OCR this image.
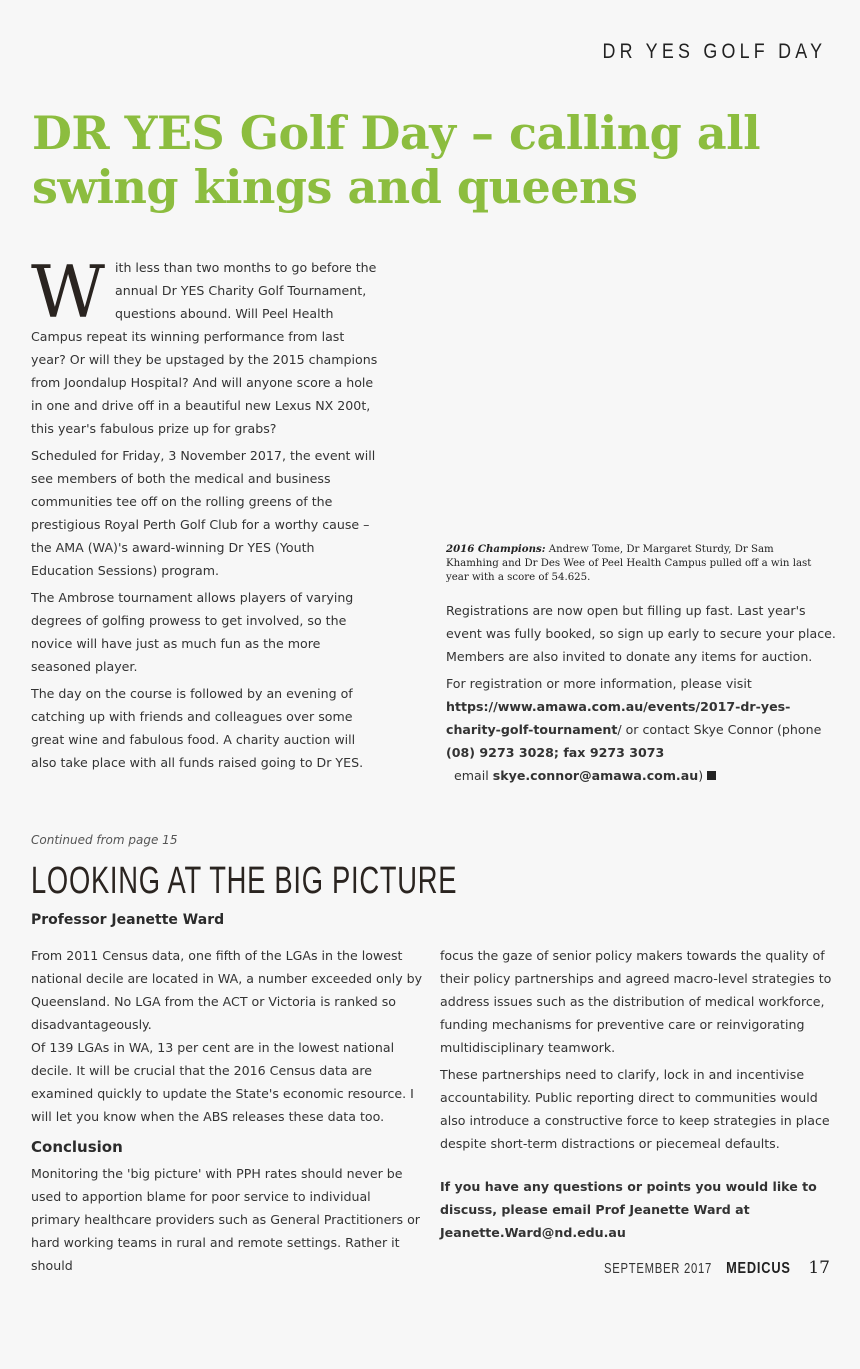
DR YES GOLF DAY
DR YES Golf Day – calling all
swing kings and queens

With less than two months to go before the annual Dr YES Charity Golf Tournament, questions abound. Will Peel Health Campus repeat its winning performance from last year? Or will they be upstaged by the 2015 champions from Joondalup Hospital? And will anyone score a hole in one and drive off in a beautiful new Lexus NX 200t, this year's fabulous prize up for grabs?

Scheduled for Friday, 3 November 2017, the event will see members of both the medical and business communities tee off on the rolling greens of the prestigious Royal Perth Golf Club for a worthy cause – the AMA (WA)'s award-winning Dr YES (Youth Education Sessions) program.

The Ambrose tournament allows players of varying degrees of golfing prowess to get involved, so the novice will have just as much fun as the more seasoned player.

The day on the course is followed by an evening of catching up with friends and colleagues over some great wine and fabulous food. A charity auction will also take place with all funds raised going to Dr YES.

2016 Champions: Andrew Tome, Dr Margaret Sturdy, Dr Sam Khamhing and Dr Des Wee of Peel Health Campus pulled off a win last year with a score of 54.625.

Registrations are now open but filling up fast. Last year's event was fully booked, so sign up early to secure your place. Members are also invited to donate any items for auction.

For registration or more information, please visit https://www.amawa.com.au/events/2017-dr-yes-charity-golf-tournament/ or contact Skye Connor (phone (08) 9273 3028; fax 9273 3073  email skye.connor@amawa.com.au)

Continued from page 15
LOOKING AT THE BIG PICTURE
Professor Jeanette Ward

From 2011 Census data, one fifth of the LGAs in the lowest national decile are located in WA, a number exceeded only by Queensland. No LGA from the ACT or Victoria is ranked so disadvantageously.

Of 139 LGAs in WA, 13 per cent are in the lowest national decile. It will be crucial that the 2016 Census data are examined quickly to update the State's economic resource. I will let you know when the ABS releases these data too.

Conclusion

Monitoring the 'big picture' with PPH rates should never be used to apportion blame for poor service to individual primary healthcare providers such as General Practitioners or hard working teams in rural and remote settings. Rather it should

focus the gaze of senior policy makers towards the quality of their policy partnerships and agreed macro-level strategies to address issues such as the distribution of medical workforce, funding mechanisms for preventive care or reinvigorating multidisciplinary teamwork.

These partnerships need to clarify, lock in and incentivise accountability. Public reporting direct to communities would also introduce a constructive force to keep strategies in place despite short-term distractions or piecemeal defaults.

If you have any questions or points you would like to discuss, please email Prof Jeanette Ward at Jeanette.Ward@nd.edu.au

SEPTEMBER 2017 MEDICUS 17
